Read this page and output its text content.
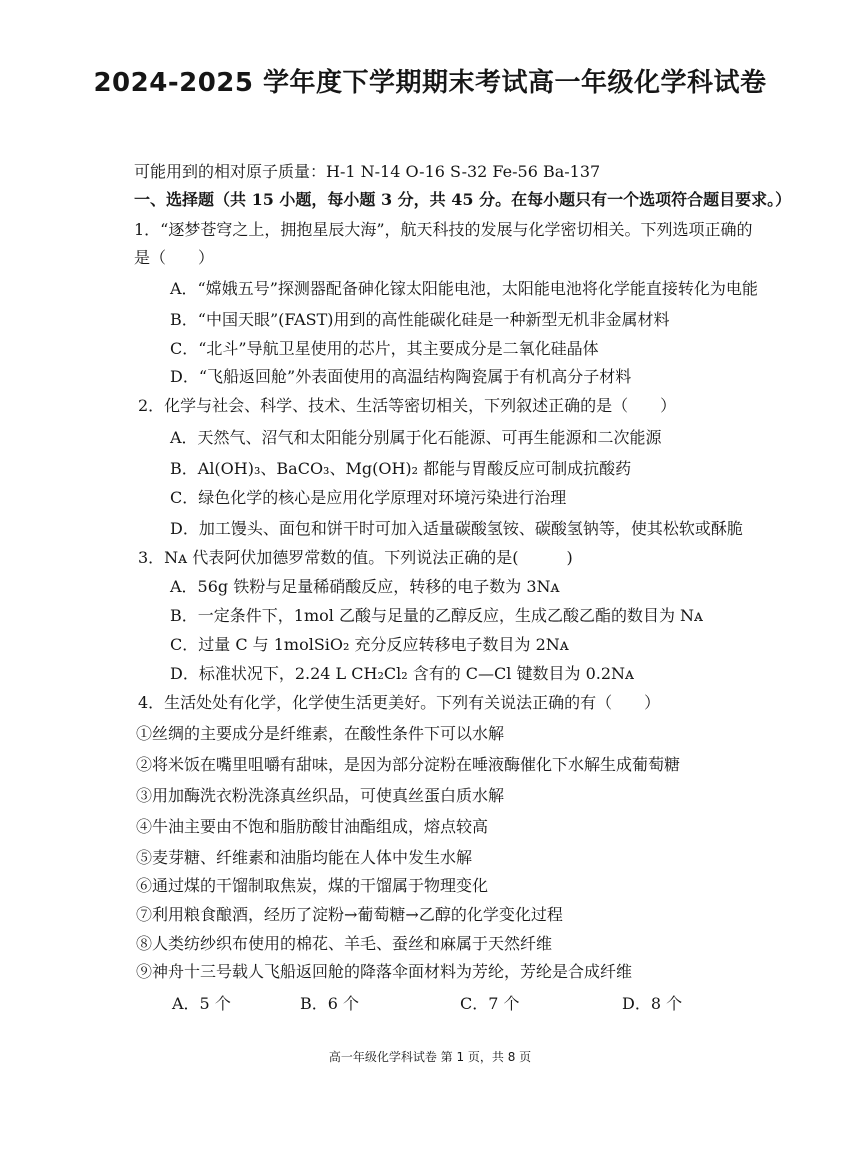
2024-2025 学年度下学期期末考试高一年级化学科试卷
可能用到的相对原子质量：H-1 N-14 O-16 S-32 Fe-56 Ba-137
一、选择题（共 15 小题，每小题 3 分，共 45 分。在每小题只有一个选项符合题目要求。）
1．“逐梦苍穹之上，拥抱星辰大海”，航天科技的发展与化学密切相关。下列选项正确的
是（　　）
A．“嫦娥五号”探测器配备砷化镓太阳能电池，太阳能电池将化学能直接转化为电能
B．“中国天眼”(FAST)用到的高性能碳化硅是一种新型无机非金属材料
C．“北斗”导航卫星使用的芯片，其主要成分是二氧化硅晶体
D．“飞船返回舱”外表面使用的高温结构陶瓷属于有机高分子材料
2．化学与社会、科学、技术、生活等密切相关，下列叙述正确的是（　　）
A．天然气、沼气和太阳能分别属于化石能源、可再生能源和二次能源
B．Al(OH)₃、BaCO₃、Mg(OH)₂ 都能与胃酸反应可制成抗酸药
C．绿色化学的核心是应用化学原理对环境污染进行治理
D．加工馒头、面包和饼干时可加入适量碳酸氢铵、碳酸氢钠等，使其松软或酥脆
3．Nᴀ 代表阿伏加德罗常数的值。下列说法正确的是(　　　)
A．56g 铁粉与足量稀硝酸反应，转移的电子数为 3Nᴀ
B．一定条件下，1mol 乙酸与足量的乙醇反应，生成乙酸乙酯的数目为 Nᴀ
C．过量 C 与 1molSiO₂ 充分反应转移电子数目为 2Nᴀ
D．标准状况下，2.24 L CH₂Cl₂ 含有的 C—Cl 键数目为 0.2Nᴀ
4．生活处处有化学，化学使生活更美好。下列有关说法正确的有（　　）
①丝绸的主要成分是纤维素，在酸性条件下可以水解
②将米饭在嘴里咀嚼有甜味，是因为部分淀粉在唾液酶催化下水解生成葡萄糖
③用加酶洗衣粉洗涤真丝织品，可使真丝蛋白质水解
④牛油主要由不饱和脂肪酸甘油酯组成，熔点较高
⑤麦芽糖、纤维素和油脂均能在人体中发生水解
⑥通过煤的干馏制取焦炭，煤的干馏属于物理变化
⑦利用粮食酿酒，经历了淀粉→葡萄糖→乙醇的化学变化过程
⑧人类纺纱织布使用的棉花、羊毛、蚕丝和麻属于天然纤维
⑨神舟十三号载人飞船返回舱的降落伞面材料为芳纶，芳纶是合成纤维
A．5 个	B．6 个	C．7 个	D．8 个
高一年级化学科试卷 第 1 页，共 8 页
